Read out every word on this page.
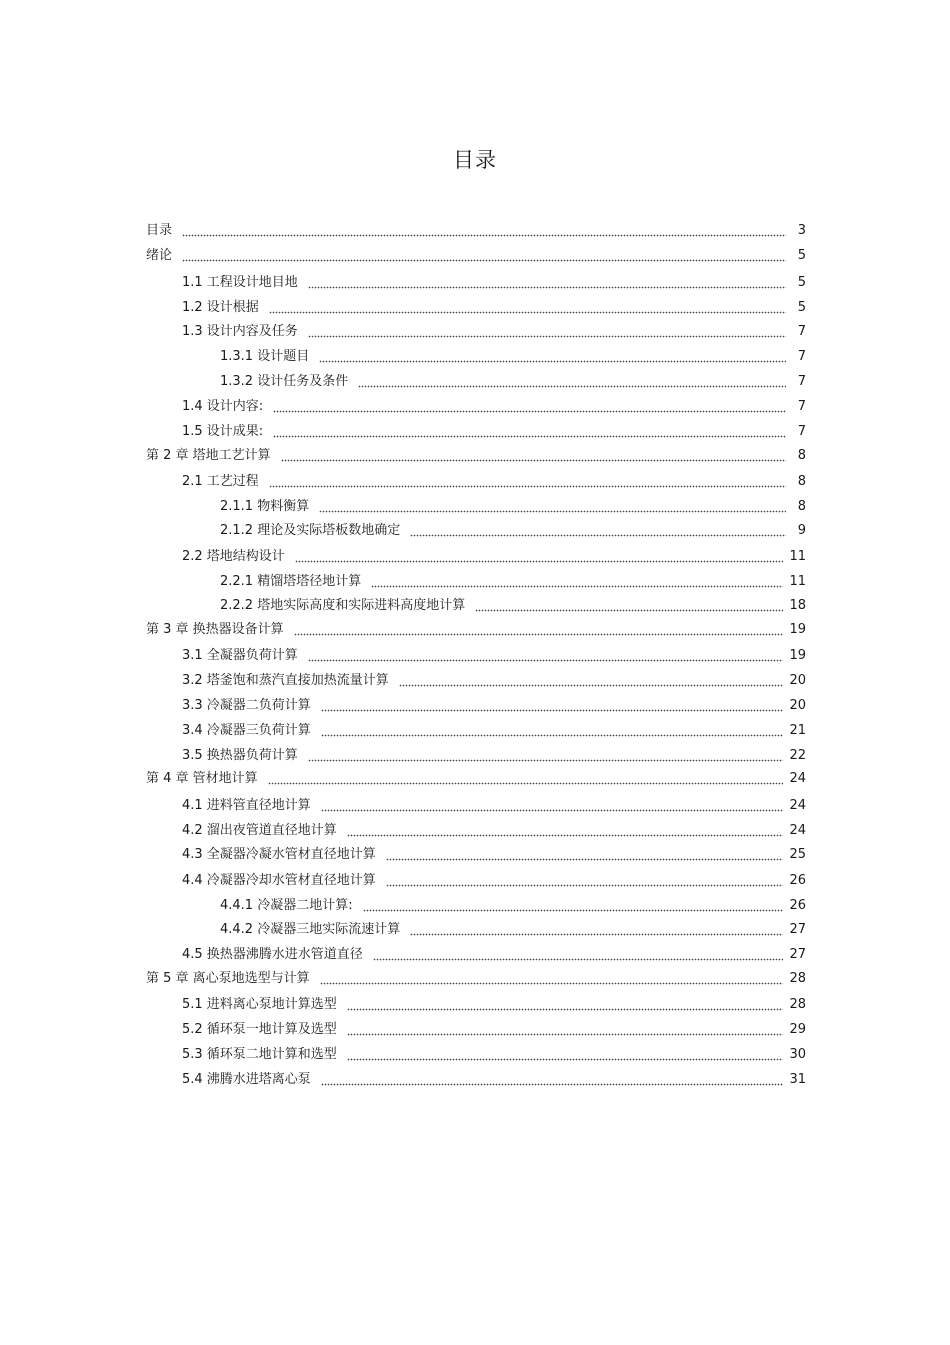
目录
目录	3
绪论	5
1.1 工程设计地目地	5
1.2 设计根据	5
1.3 设计内容及任务	7
1.3.1 设计题目	7
1.3.2 设计任务及条件	7
1.4 设计内容:	7
1.5 设计成果:	7
第 2 章 塔地工艺计算	8
2.1 工艺过程	8
2.1.1 物料衡算	8
2.1.2 理论及实际塔板数地确定	9
2.2 塔地结构设计	11
2.2.1 精馏塔塔径地计算	11
2.2.2 塔地实际高度和实际进料高度地计算	18
第 3 章 换热器设备计算	19
3.1 全凝器负荷计算	19
3.2 塔釜饱和蒸汽直接加热流量计算	20
3.3 冷凝器二负荷计算	20
3.4 冷凝器三负荷计算	21
3.5 换热器负荷计算	22
第 4 章 管材地计算	24
4.1 进料管直径地计算	24
4.2 溜出夜管道直径地计算	24
4.3 全凝器冷凝水管材直径地计算	25
4.4 冷凝器冷却水管材直径地计算	26
4.4.1 冷凝器二地计算:	26
4.4.2 冷凝器三地实际流速计算	27
4.5 换热器沸腾水进水管道直径	27
第 5 章 离心泵地选型与计算	28
5.1 进料离心泵地计算选型	28
5.2 循环泵一地计算及选型	29
5.3 循环泵二地计算和选型	30
5.4 沸腾水进塔离心泵	31
